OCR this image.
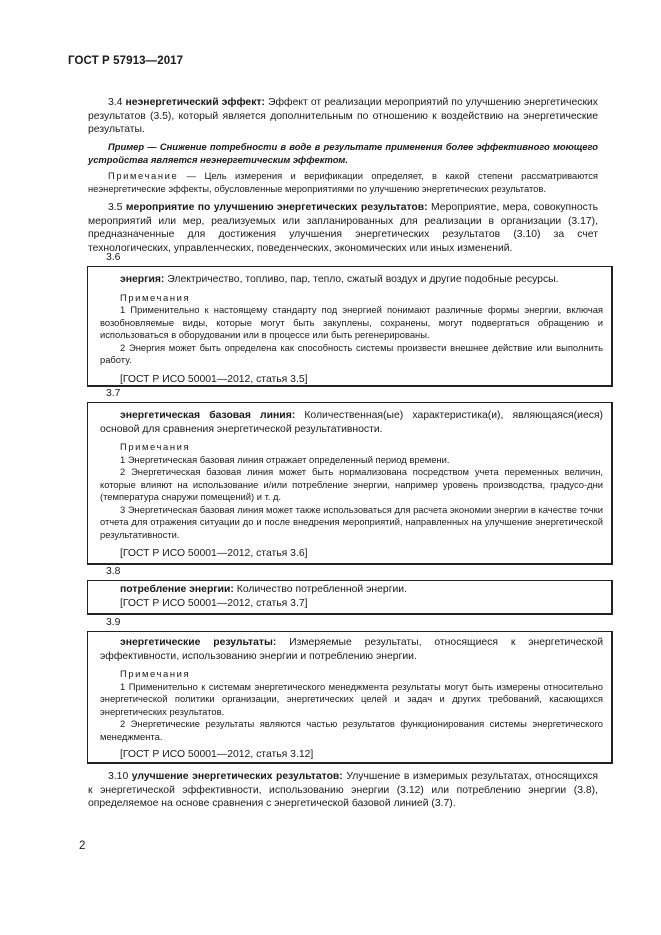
ГОСТ Р 57913—2017

3.4 неэнергетический эффект: Эффект от реализации мероприятий по улучшению энергетических результатов (3.5), который является дополнительным по отношению к воздействию на энергетические результаты.

Пример — Снижение потребности в воде в результате применения более эффективного моющего устройства является неэнергетическим эффектом.

Примечание — Цель измерения и верификации определяет, в какой степени рассматриваются неэнергетические эффекты, обусловленные мероприятиями по улучшению энергетических результатов.

3.5 мероприятие по улучшению энергетических результатов: Мероприятие, мера, совокупность мероприятий или мер, реализуемых или запланированных для реализации в организации (3.17), предназначенные для достижения улучшения энергетических результатов (3.10) за счет технологических, управленческих, поведенческих, экономических или иных изменений.

3.6

энергия: Электричество, топливо, пар, тепло, сжатый воздух и другие подобные ресурсы.

Примечания

1 Применительно к настоящему стандарту под энергией понимают различные формы энергии, включая возобновляемые виды, которые могут быть закуплены, сохранены, могут подвергаться обращению и использоваться в оборудовании или в процессе или быть регенерированы.

2 Энергия может быть определена как способность системы произвести внешнее действие или выполнить работу.

[ГОСТ Р ИСО 50001—2012, статья 3.5]

3.7

энергетическая базовая линия: Количественная(ые) характеристика(и), являющаяся(иеся) основой для сравнения энергетической результативности.

Примечания

1 Энергетическая базовая линия отражает определенный период времени.

2 Энергетическая базовая линия может быть нормализована посредством учета переменных величин, которые влияют на использование и/или потребление энергии, например уровень производства, градусо-дни (температура снаружи помещений) и т. д.

3 Энергетическая базовая линия может также использоваться для расчета экономии энергии в качестве точки отчета для отражения ситуации до и после внедрения мероприятий, направленных на улучшение энергетической результативности.

[ГОСТ Р ИСО 50001—2012, статья 3.6]

3.8

потребление энергии: Количество потребленной энергии.

[ГОСТ Р ИСО 50001—2012, статья 3.7]

3.9

энергетические результаты: Измеряемые результаты, относящиеся к энергетической эффективности, использованию энергии и потреблению энергии.

Примечания

1 Применительно к системам энергетического менеджмента результаты могут быть измерены относительно энергетической политики организации, энергетических целей и задач и других требований, касающихся энергетических результатов.

2 Энергетические результаты являются частью результатов функционирования системы энергетического менеджмента.

[ГОСТ Р ИСО 50001—2012, статья 3.12]

3.10 улучшение энергетических результатов: Улучшение в измеримых результатах, относящихся к энергетической эффективности, использованию энергии (3.12) или потреблению энергии (3.8), определяемое на основе сравнения с энергетической базовой линией (3.7).

2
